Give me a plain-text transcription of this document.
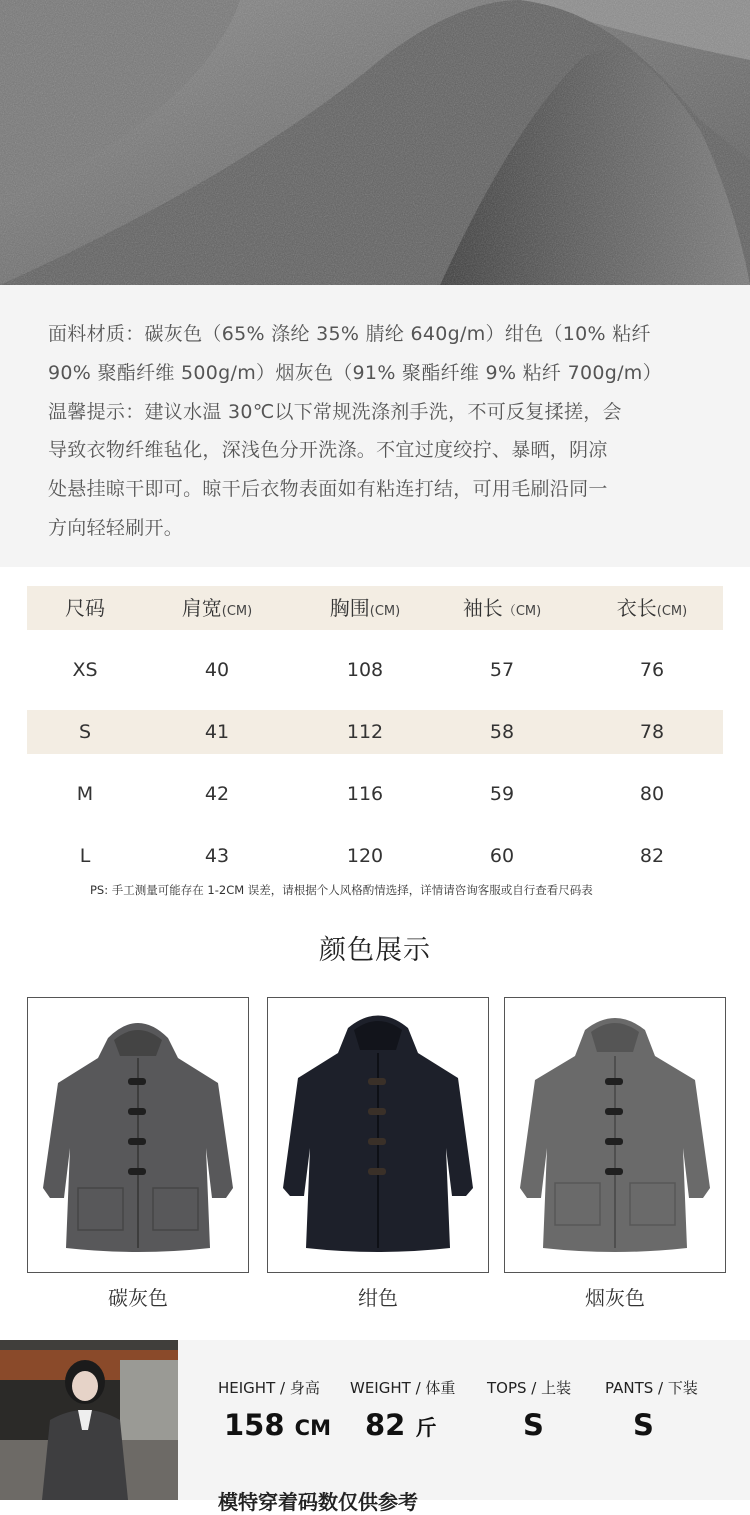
面料材质：碳灰色（65% 涤纶 35% 腈纶 640g/m）绀色（10% 粘纤

90% 聚酯纤维 500g/m）烟灰色（91% 聚酯纤维 9% 粘纤 700g/m）

温馨提示：建议水温 30℃以下常规洗涤剂手洗，不可反复揉搓，会

导致衣物纤维毡化，深浅色分开洗涤。不宜过度绞拧、暴晒，阴凉

处悬挂晾干即可。晾干后衣物表面如有粘连打结，可用毛刷沿同一

方向轻轻刷开。

尺码	肩宽(CM)	胸围(CM)	袖长（CM)	衣长(CM)
XS	40	108	57	76
S	41	112	58	78
M	42	116	59	80
L	43	120	60	82
PS: 手工测量可能存在 1-2CM 误差，请根据个人风格酌情选择，详情请咨询客服或自行查看尺码表
颜色展示
碳灰色	绀色	烟灰色
HEIGHT / 身高 WEIGHT / 体重 TOPS / 上装 PANTS / 下装
158 CM 82 斤	S	S
模特穿着码数仅供参考
